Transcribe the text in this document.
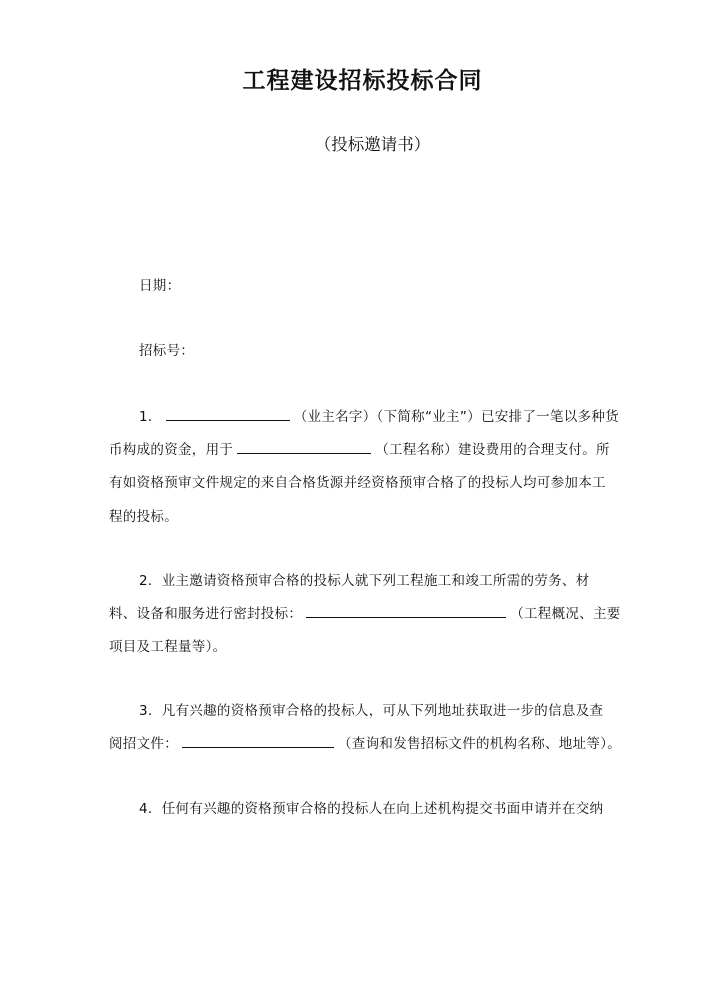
工程建设招标投标合同

（投标邀请书）

日期：

招标号：

1．	（业主名字）（下简称“业主”）已安排了一笔以多种货

币构成的资金，用于	（工程名称）建设费用的合理支付。所

有如资格预审文件规定的来自合格货源并经资格预审合格了的投标人均可参加本工

程的投标。

2．业主邀请资格预审合格的投标人就下列工程施工和竣工所需的劳务、材

料、设备和服务进行密封投标：	（工程概况、主要

项目及工程量等）。

3．凡有兴趣的资格预审合格的投标人，可从下列地址获取进一步的信息及查

阅招文件：	（查询和发售招标文件的机构名称、地址等）。

4．任何有兴趣的资格预审合格的投标人在向上述机构提交书面申请并在交纳
